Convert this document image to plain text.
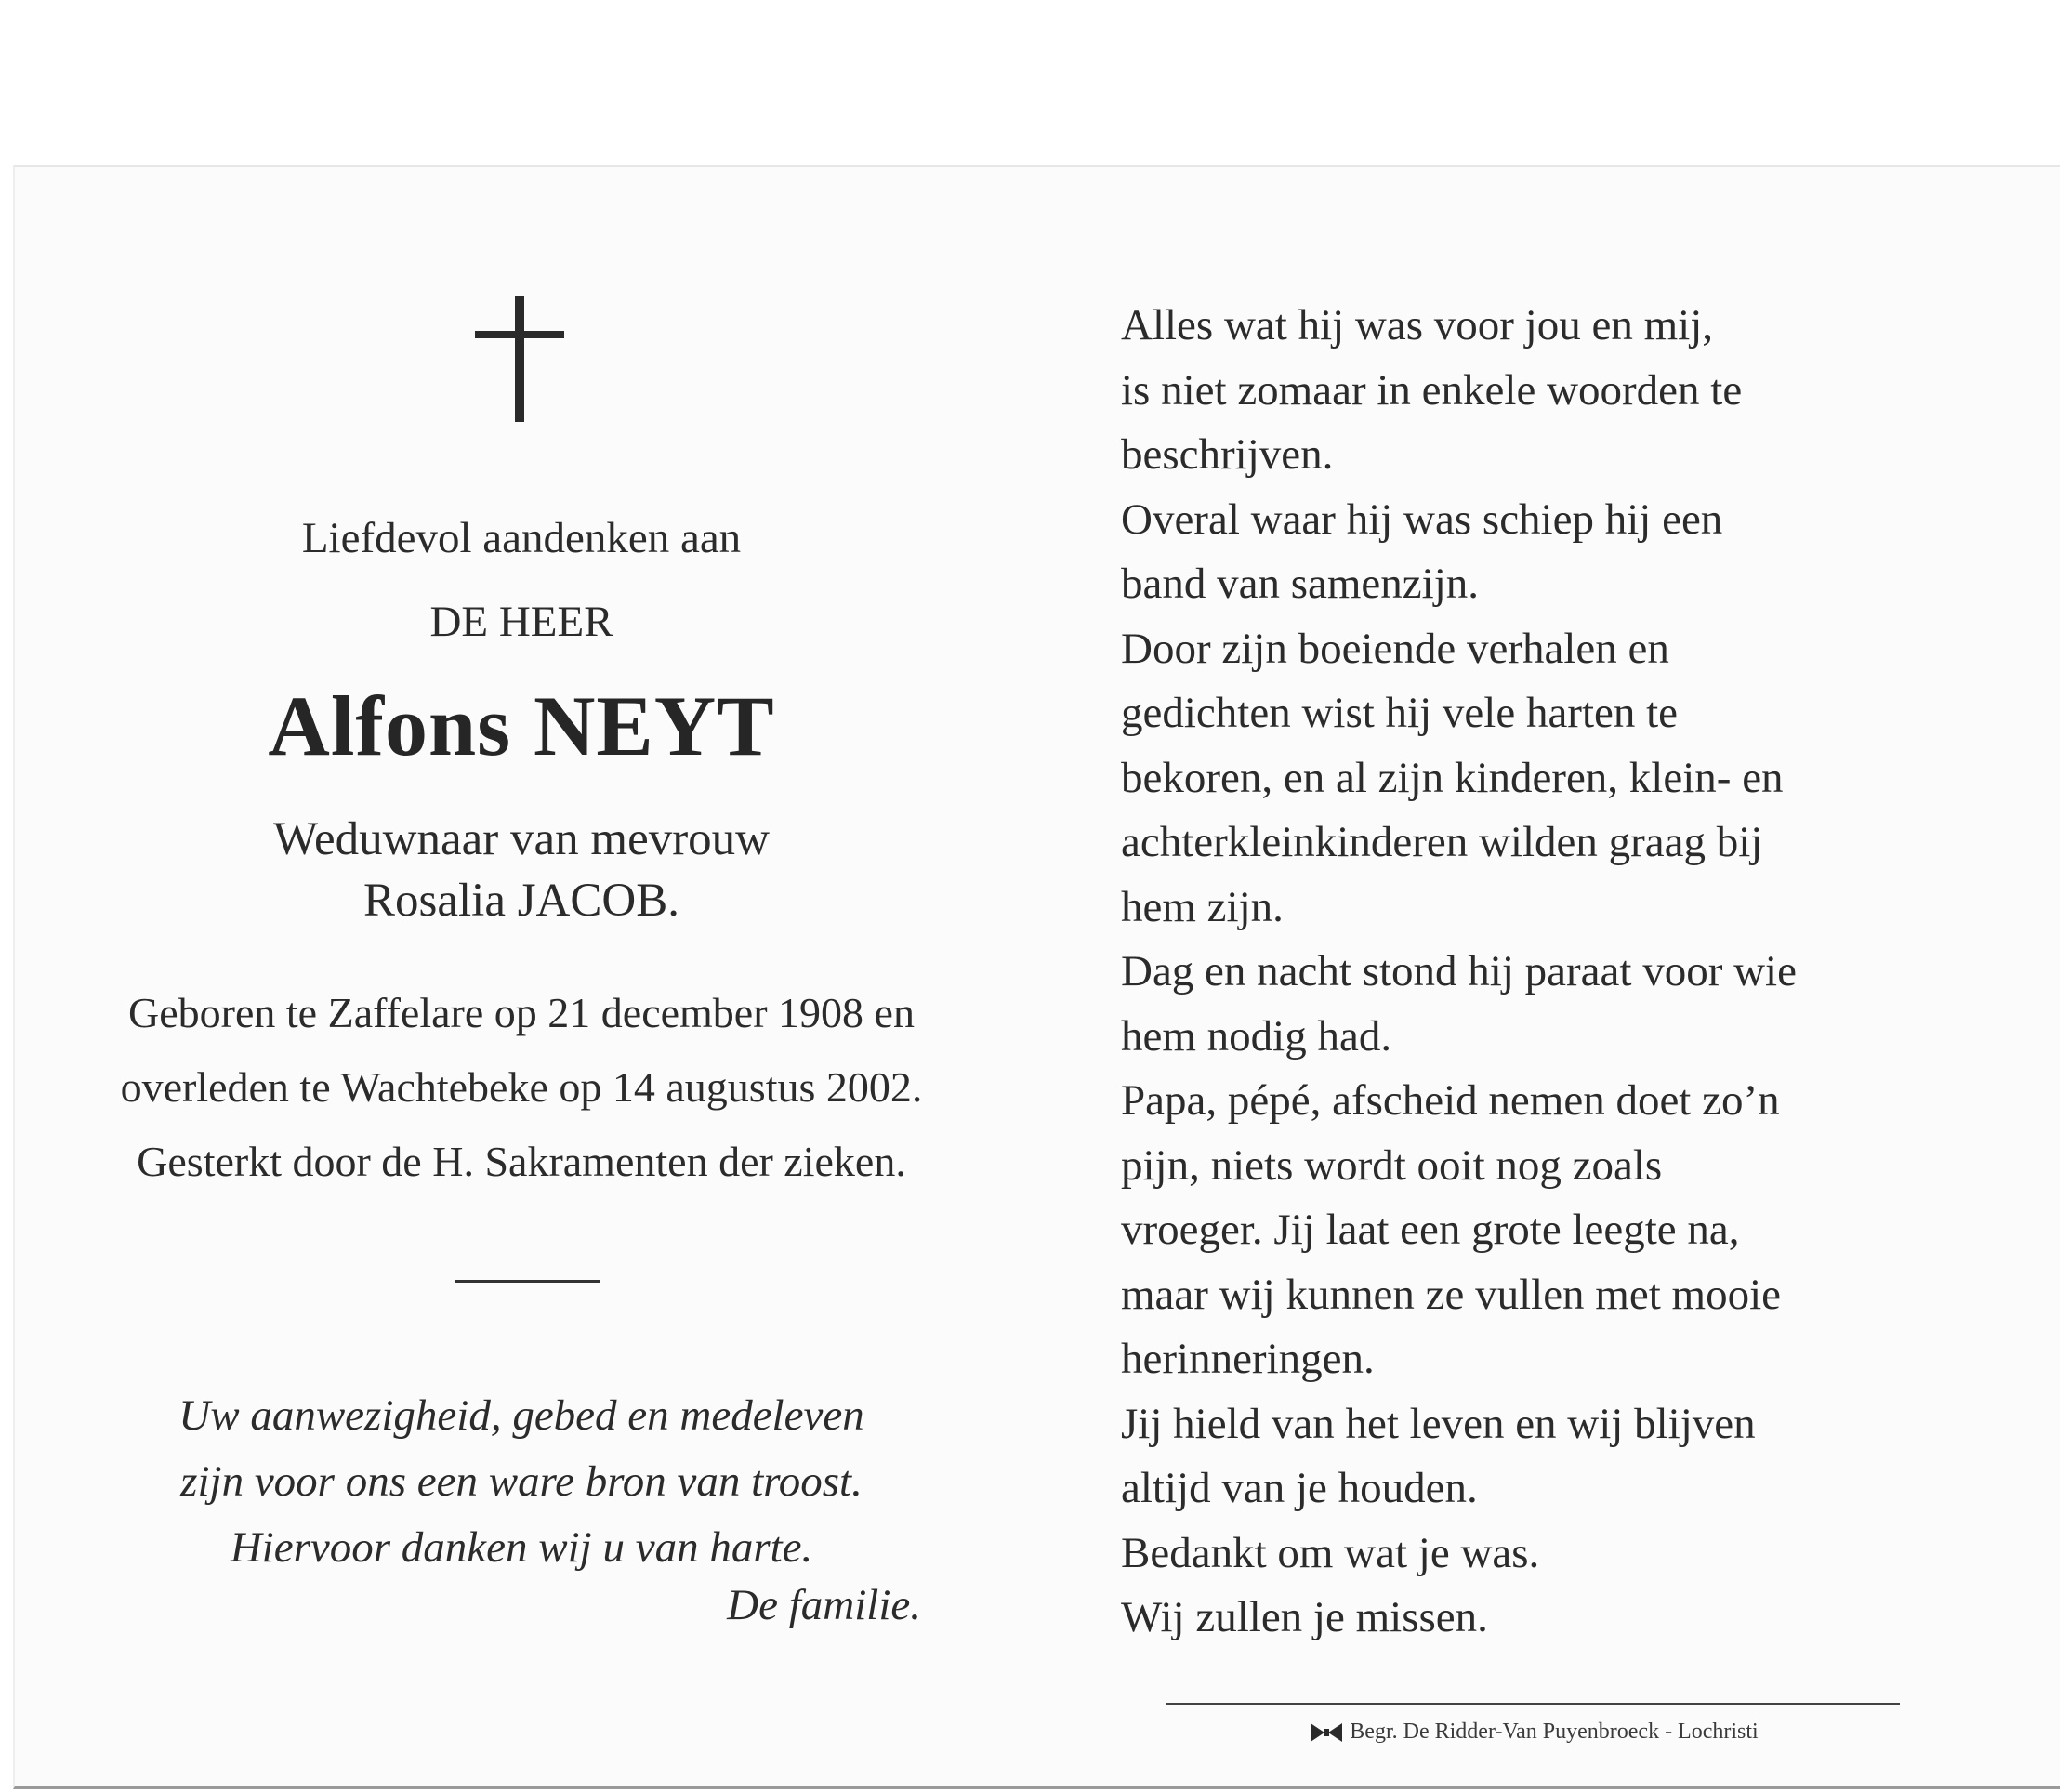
Liefdevol aandenken aan
DE HEER
Alfons NEYT
Weduwnaar van mevrouw
Rosalia JACOB.
Geboren te Zaffelare op 21 december 1908 en
overleden te Wachtebeke op 14 augustus 2002.
Gesterkt door de H. Sakramenten der zieken.
Uw aanwezigheid, gebed en medeleven
zijn voor ons een ware bron van troost.
Hiervoor danken wij u van harte.
De familie.
Alles wat hij was voor jou en mij,
is niet zomaar in enkele woorden te
beschrijven.
Overal waar hij was schiep hij een
band van samenzijn.
Door zijn boeiende verhalen en
gedichten wist hij vele harten te
bekoren, en al zijn kinderen, klein- en
achterkleinkinderen wilden graag bij
hem zijn.
Dag en nacht stond hij paraat voor wie
hem nodig had.
Papa, pépé, afscheid nemen doet zo’n
pijn, niets wordt ooit nog zoals
vroeger. Jij laat een grote leegte na,
maar wij kunnen ze vullen met mooie
herinneringen.
Jij hield van het leven en wij blijven
altijd van je houden.
Bedankt om wat je was.
Wij zullen je missen.
Begr. De Ridder-Van Puyenbroeck - Lochristi
